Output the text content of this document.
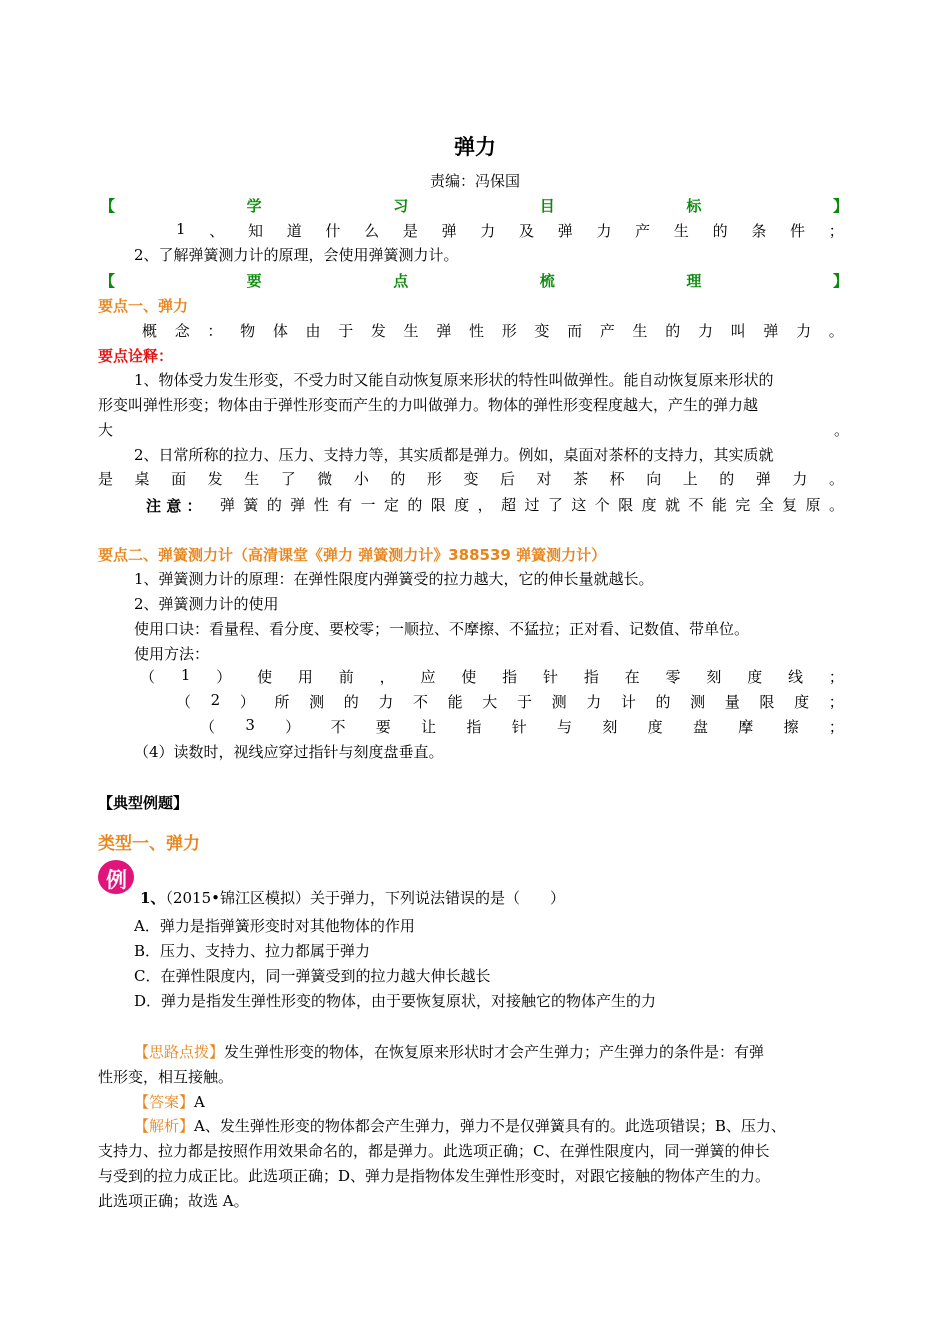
弹力
责编：冯保国
【	学	习	目	标	】
1 、 知 道 什 么 是 弹 力 及 弹 力 产 生 的 条 件 ；
2、了解弹簧测力计的原理，会使用弹簧测力计。
【	要	点	梳	理	】
要点一、弹力
概 念 ： 物 体 由 于 发 生 弹 性 形 变 而 产 生 的 力 叫 弹 力 。
要点诠释：
1、物体受力发生形变，不受力时又能自动恢复原来形状的特性叫做弹性。能自动恢复原来形状的
形变叫弹性形变；物体由于弹性形变而产生的力叫做弹力。物体的弹性形变程度越大，产生的弹力越
大	。
2、日常所称的拉力、压力、支持力等，其实质都是弹力。例如，桌面对茶杯的支持力，其实质就
是 桌 面 发 生 了 微 小 的 形 变 后 对 茶 杯 向 上 的 弹 力 。
注 意 ： 弹 簧 的 弹 性 有 一 定 的 限 度 ， 超 过 了 这 个 限 度 就 不 能 完 全 复 原 。
要点二、弹簧测力计（高清课堂《弹力 弹簧测力计》388539 弹簧测力计）
1、弹簧测力计的原理：在弹性限度内弹簧受的拉力越大，它的伸长量就越长。
2、弹簧测力计的使用
使用口诀：看量程、看分度、要校零；一顺拉、不摩擦、不猛拉；正对看、记数值、带单位。
使用方法：
（ 1 ） 使 用 前 ， 应 使 指 针 指 在 零 刻 度 线 ；
（ 2 ） 所 测 的 力 不 能 大 于 测 力 计 的 测 量 限 度 ；
（ 3 ） 不 要 让 指 针 与 刻 度 盘 摩 擦 ；
（4）读数时，视线应穿过指针与刻度盘垂直。
【典型例题】
类型一、弹力
例
1、（2015•锦江区模拟）关于弹力，下列说法错误的是（　　）
A．弹力是指弹簧形变时对其他物体的作用
B．压力、支持力、拉力都属于弹力
C．在弹性限度内，同一弹簧受到的拉力越大伸长越长
D．弹力是指发生弹性形变的物体，由于要恢复原状，对接触它的物体产生的力
【思路点拨】发生弹性形变的物体，在恢复原来形状时才会产生弹力；产生弹力的条件是：有弹
性形变，相互接触。
【答案】A
【解析】A、发生弹性形变的物体都会产生弹力，弹力不是仅弹簧具有的。此选项错误；B、压力、
支持力、拉力都是按照作用效果命名的，都是弹力。此选项正确；C、在弹性限度内，同一弹簧的伸长
与受到的拉力成正比。此选项正确；D、弹力是指物体发生弹性形变时，对跟它接触的物体产生的力。
此选项正确；故选 A。
